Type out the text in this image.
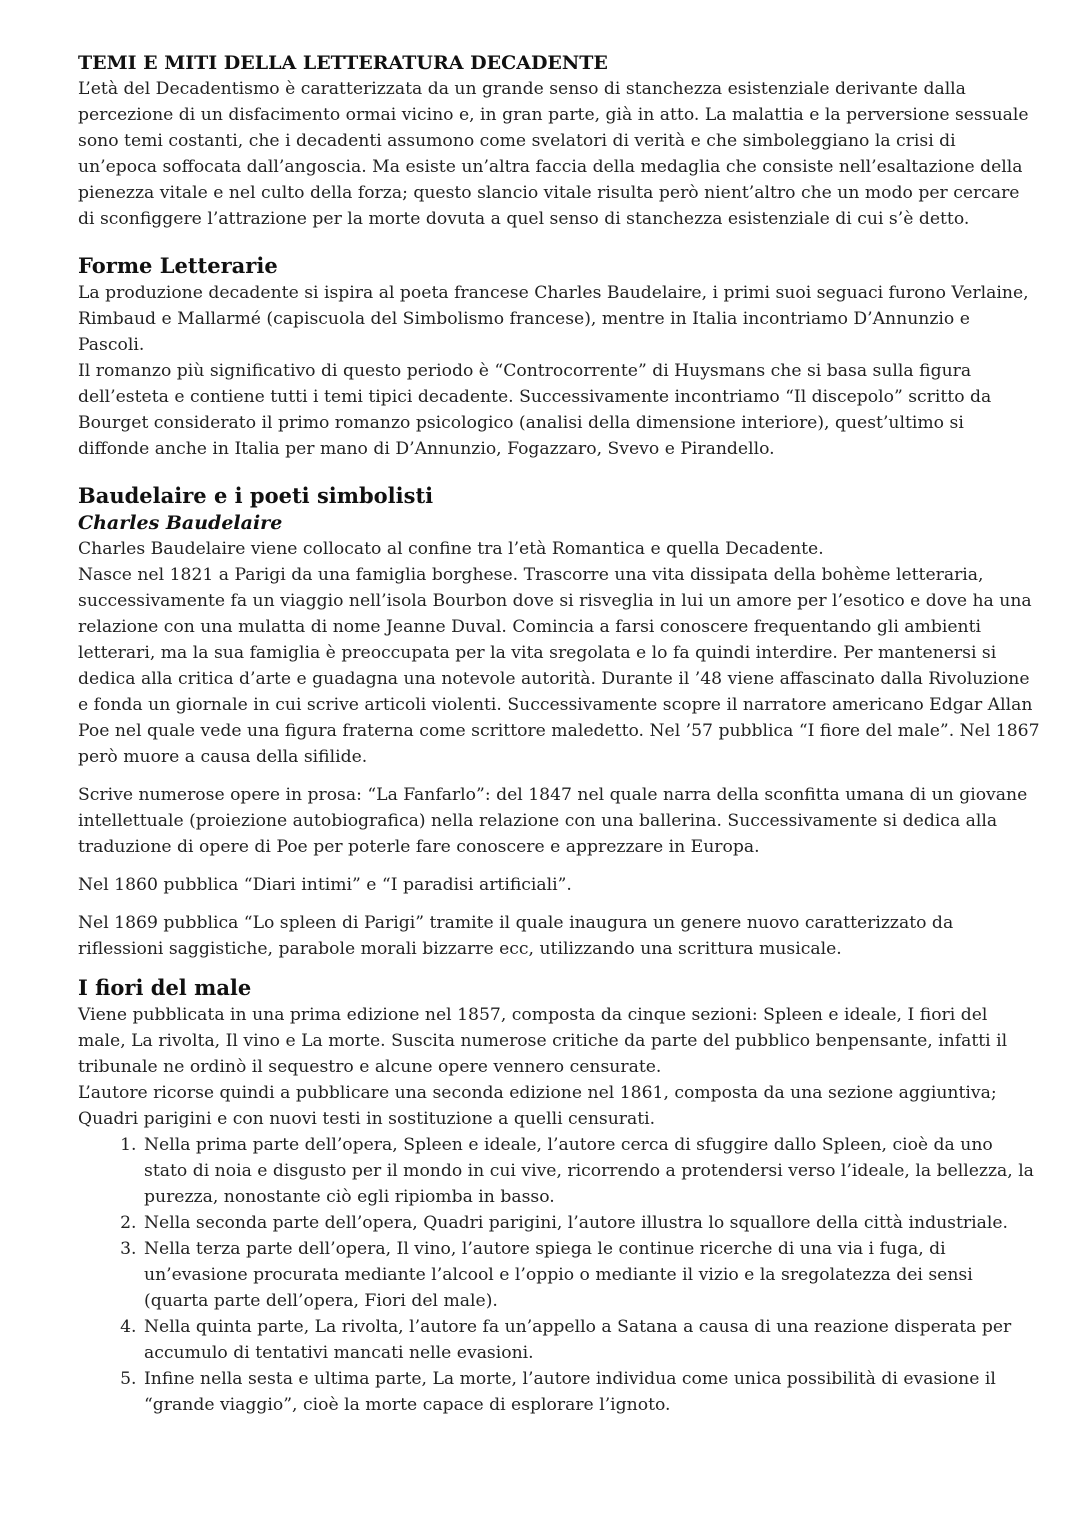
TEMI E MITI DELLA LETTERATURA DECADENTE

L’età del Decadentismo è caratterizzata da un grande senso di stanchezza esistenziale derivante dalla percezione di un disfacimento ormai vicino e, in gran parte, già in atto. La malattia e la perversione sessuale sono temi costanti, che i decadenti assumono come svelatori di verità e che simboleggiano la crisi di un’epoca soffocata dall’angoscia. Ma esiste un’altra faccia della medaglia che consiste nell’esaltazione della pienezza vitale e nel culto della forza; questo slancio vitale risulta però nient’altro che un modo per cercare di sconfiggere l’attrazione per la morte dovuta a quel senso di stanchezza esistenziale di cui s’è detto.

Forme Letterarie

La produzione decadente si ispira al poeta francese Charles Baudelaire, i primi suoi seguaci furono Verlaine, Rimbaud e Mallarmé (capiscuola del Simbolismo francese), mentre in Italia incontriamo D’Annunzio e Pascoli.

Il romanzo più significativo di questo periodo è “Controcorrente” di Huysmans che si basa sulla figura dell’esteta e contiene tutti i temi tipici decadente. Successivamente incontriamo “Il discepolo” scritto da Bourget considerato il primo romanzo psicologico (analisi della dimensione interiore), quest’ultimo si diffonde anche in Italia per mano di D’Annunzio, Fogazzaro, Svevo e Pirandello.

Baudelaire e i poeti simbolisti
Charles Baudelaire

Charles Baudelaire viene collocato al confine tra l’età Romantica e quella Decadente.

Nasce nel 1821 a Parigi da una famiglia borghese. Trascorre una vita dissipata della bohème letteraria, successivamente fa un viaggio nell’isola Bourbon dove si risveglia in lui un amore per l’esotico e dove ha una relazione con una mulatta di nome Jeanne Duval. Comincia a farsi conoscere frequentando gli ambienti letterari, ma la sua famiglia è preoccupata per la vita sregolata e lo fa quindi interdire. Per mantenersi si dedica alla critica d’arte e guadagna una notevole autorità. Durante il ’48 viene affascinato dalla Rivoluzione e fonda un giornale in cui scrive articoli violenti. Successivamente scopre il narratore americano Edgar Allan Poe nel quale vede una figura fraterna come scrittore maledetto. Nel ’57 pubblica “I fiore del male”. Nel 1867 però muore a causa della sifilide.

Scrive numerose opere in prosa: “La Fanfarlo”: del 1847 nel quale narra della sconfitta umana di un giovane intellettuale (proiezione autobiografica) nella relazione con una ballerina. Successivamente si dedica alla traduzione di opere di Poe per poterle fare conoscere e apprezzare in Europa.

Nel 1860 pubblica “Diari intimi” e “I paradisi artificiali”.

Nel 1869 pubblica “Lo spleen di Parigi” tramite il quale inaugura un genere nuovo caratterizzato da riflessioni saggistiche, parabole morali bizzarre ecc, utilizzando una scrittura musicale.

I fiori del male

Viene pubblicata in una prima edizione nel 1857, composta da cinque sezioni: Spleen e ideale, I fiori del male, La rivolta, Il vino e La morte. Suscita numerose critiche da parte del pubblico benpensante, infatti il tribunale ne ordinò il sequestro e alcune opere vennero censurate.

L’autore ricorse quindi a pubblicare una seconda edizione nel 1861, composta da una sezione aggiuntiva; Quadri parigini e con nuovi testi in sostituzione a quelli censurati.

1. Nella prima parte dell’opera, Spleen e ideale, l’autore cerca di sfuggire dallo Spleen, cioè da uno stato di noia e disgusto per il mondo in cui vive, ricorrendo a protendersi verso l’ideale, la bellezza, la purezza, nonostante ciò egli ripiomba in basso.
2. Nella seconda parte dell’opera, Quadri parigini, l’autore illustra lo squallore della città industriale.
3. Nella terza parte dell’opera, Il vino, l’autore spiega le continue ricerche di una via i fuga, di un’evasione procurata mediante l’alcool e l’oppio o mediante il vizio e la sregolatezza dei sensi (quarta parte dell’opera, Fiori del male).
4. Nella quinta parte, La rivolta, l’autore fa un’appello a Satana a causa di una reazione disperata per accumulo di tentativi mancati nelle evasioni.
5. Infine nella sesta e ultima parte, La morte, l’autore individua come unica possibilità di evasione il “grande viaggio”, cioè la morte capace di esplorare l’ignoto.
